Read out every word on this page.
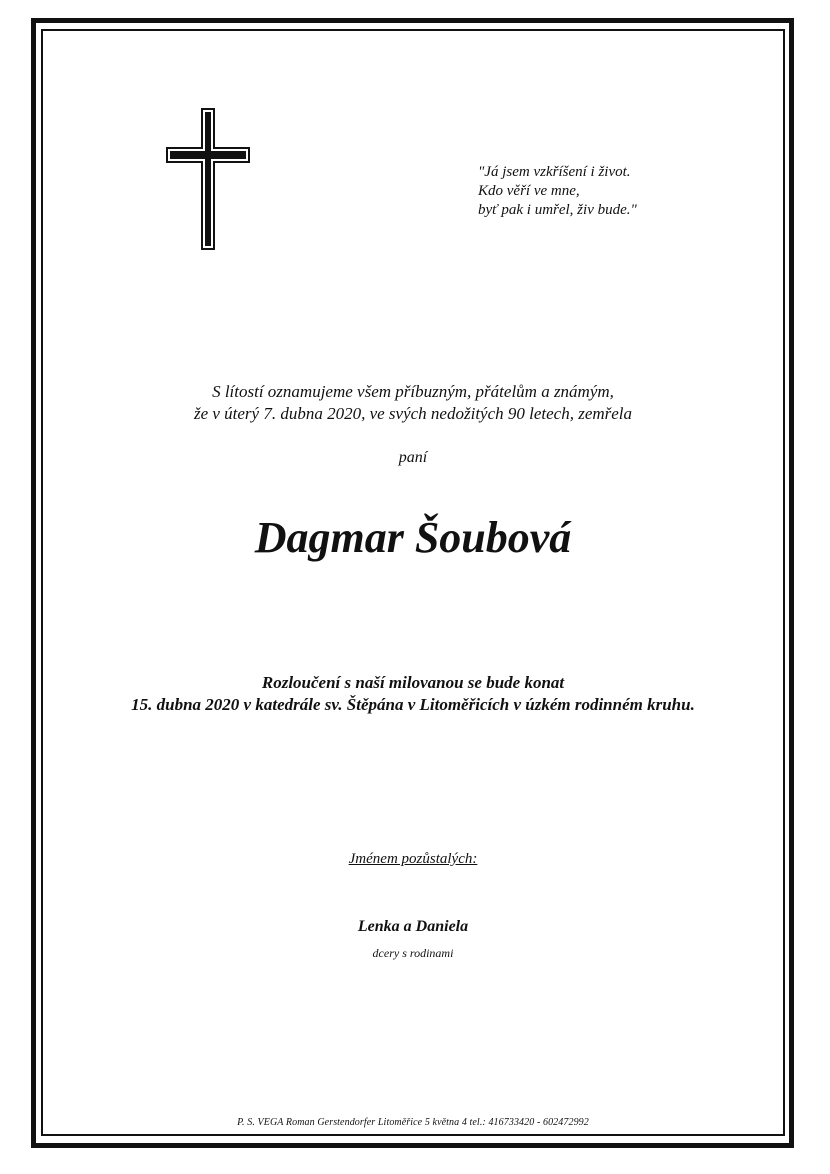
"Já jsem vzkříšení i život.
Kdo věří ve mne,
byť pak i umřel, živ bude."
S lítostí oznamujeme všem příbuzným, přátelům a známým,
že v úterý 7. dubna 2020, ve svých nedožitých 90 letech, zemřela
paní
Dagmar Šoubová
Rozloučení s naší milovanou se bude konat
15. dubna 2020 v katedrále sv. Štěpána v Litoměřicích v úzkém rodinném kruhu.
Jménem pozůstalých:
Lenka a Daniela
dcery s rodinami
P. S. VEGA Roman Gerstendorfer Litoměřice 5 května 4 tel.: 416733420 - 602472992
